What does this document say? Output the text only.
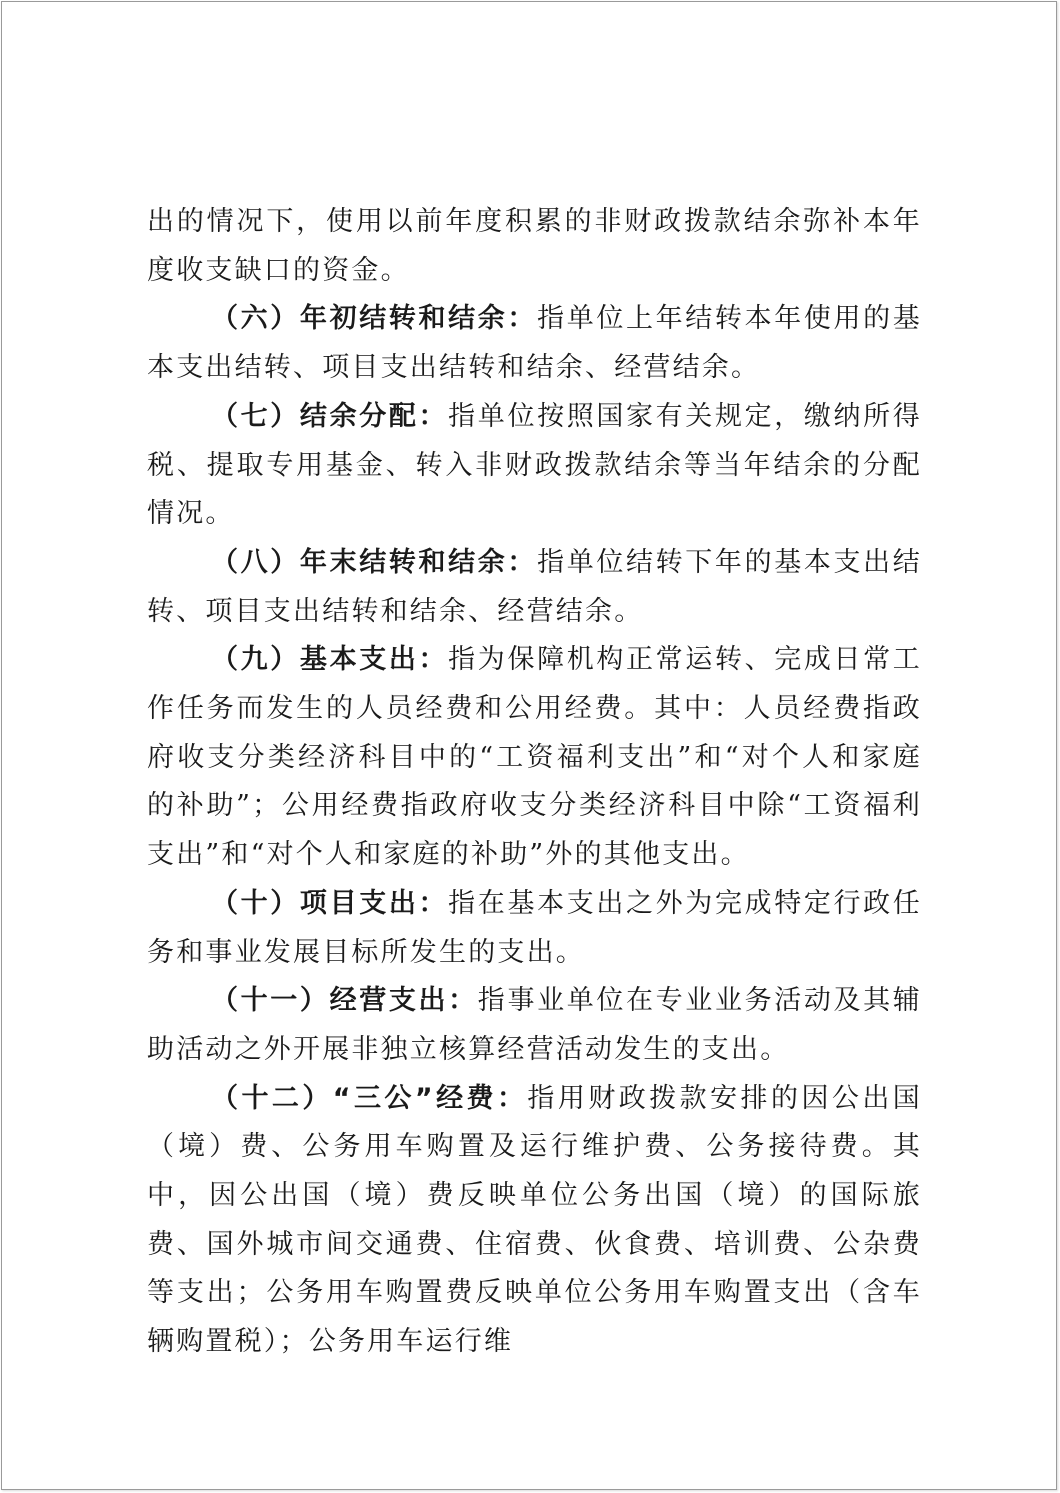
出的情况下，使用以前年度积累的非财政拨款结余弥补本年度收支缺口的资金。

（六）年初结转和结余：指单位上年结转本年使用的基本支出结转、项目支出结转和结余、经营结余。

（七）结余分配：指单位按照国家有关规定，缴纳所得税、提取专用基金、转入非财政拨款结余等当年结余的分配情况。

（八）年末结转和结余：指单位结转下年的基本支出结转、项目支出结转和结余、经营结余。

（九）基本支出：指为保障机构正常运转、完成日常工作任务而发生的人员经费和公用经费。其中：人员经费指政府收支分类经济科目中的“工资福利支出”和“对个人和家庭的补助”；公用经费指政府收支分类经济科目中除“工资福利支出”和“对个人和家庭的补助”外的其他支出。

（十）项目支出：指在基本支出之外为完成特定行政任务和事业发展目标所发生的支出。

（十一）经营支出：指事业单位在专业业务活动及其辅助活动之外开展非独立核算经营活动发生的支出。

（十二）“三公”经费：指用财政拨款安排的因公出国（境）费、公务用车购置及运行维护费、公务接待费。其中，因公出国（境）费反映单位公务出国（境）的国际旅费、国外城市间交通费、住宿费、伙食费、培训费、公杂费等支出；公务用车购置费反映单位公务用车购置支出（含车辆购置税）；公务用车运行维
